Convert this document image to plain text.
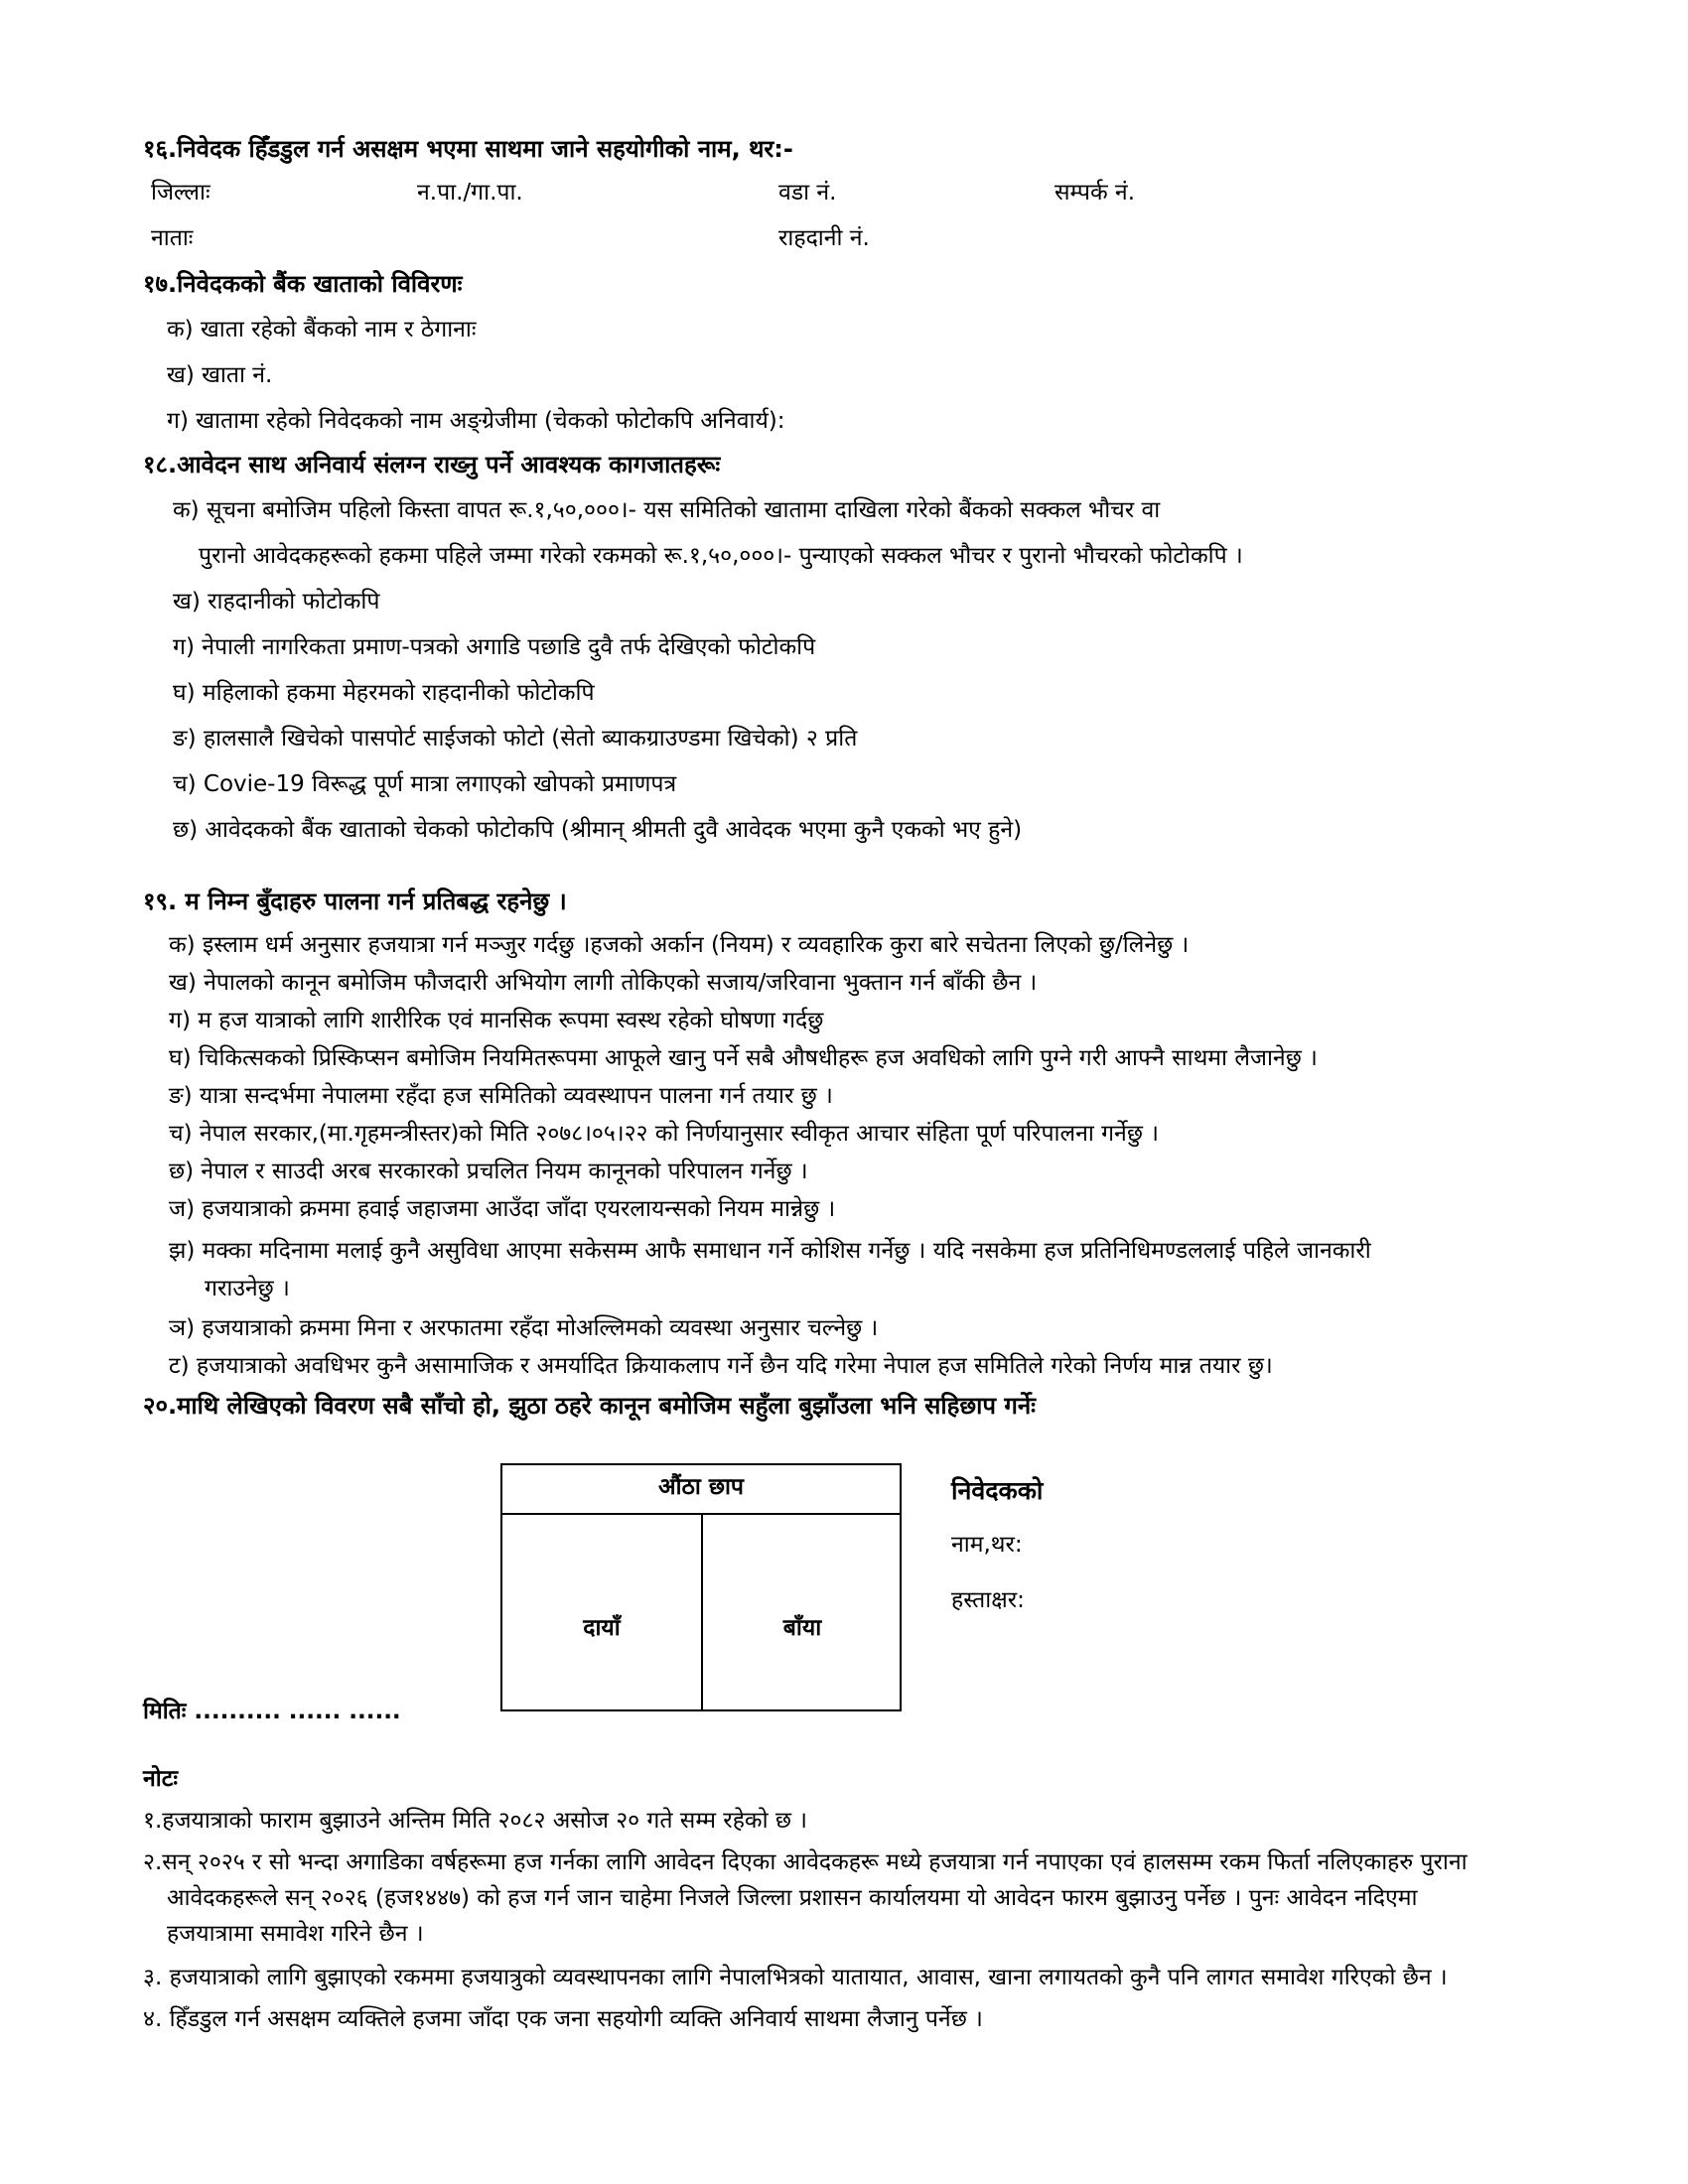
१६.निवेदक हिँडडुल गर्न असक्षम भएमा साथमा जाने सहयोगीको नाम, थर:-
जिल्लाः	न.पा./गा.पा.	वडा नं.	सम्पर्क नं.
नाताः	राहदानी नं.
१७.निवेदकको बैंक खाताको विविरणः
क) खाता रहेको बैंकको नाम र ठेगानाः
ख) खाता नं.
ग) खातामा रहेको निवेदकको नाम अङ्ग्रेजीमा (चेकको फोटोकपि अनिवार्य):
१८.आवेदन साथ अनिवार्य संलग्न राख्नु पर्ने आवश्यक कागजातहरूः
क) सूचना बमोजिम पहिलो किस्ता वापत रू.१,५०,०००।- यस समितिको खातामा दाखिला गरेको बैंकको सक्कल भौचर वा
पुरानो आवेदकहरूको हकमा पहिले जम्मा गरेको रकमको रू.१,५०,०००।- पुन्याएको सक्कल भौचर र पुरानो भौचरको फोटोकपि ।
ख) राहदानीको फोटोकपि
ग) नेपाली नागरिकता प्रमाण-पत्रको अगाडि पछाडि दुवै तर्फ देखिएको फोटोकपि
घ) महिलाको हकमा मेहरमको राहदानीको फोटोकपि
ङ) हालसालै खिचेको पासपोर्ट साईजको फोटो (सेतो ब्याकग्राउण्डमा खिचेको) २ प्रति
च) Covie-19 विरूद्ध पूर्ण मात्रा लगाएको खोपको प्रमाणपत्र
छ) आवेदकको बैंक खाताको चेकको फोटोकपि (श्रीमान् श्रीमती दुवै आवेदक भएमा कुनै एकको भए हुने)
१९. म निम्न बुँदाहरु पालना गर्न प्रतिबद्ध रहनेछु ।
क) इस्लाम धर्म अनुसार हजयात्रा गर्न मञ्जुर गर्दछु ।हजको अर्कान (नियम) र व्यवहारिक कुरा बारे सचेतना लिएको छु/लिनेछु ।
ख) नेपालको कानून बमोजिम फौजदारी अभियोग लागी तोकिएको सजाय/जरिवाना भुक्तान गर्न बाँकी छैन ।
ग) म हज यात्राको लागि शारीरिक एवं मानसिक रूपमा स्वस्थ रहेको घोषणा गर्दछु
घ) चिकित्सकको प्रिस्किप्सन बमोजिम नियमितरूपमा आफूले खानु पर्ने सबै औषधीहरू हज अवधिको लागि पुग्ने गरी आफ्नै साथमा लैजानेछु ।
ङ) यात्रा सन्दर्भमा नेपालमा रहँदा हज समितिको व्यवस्थापन पालना गर्न तयार छु ।
च) नेपाल सरकार,(मा.गृहमन्त्रीस्तर)को मिति २०७८।०५।२२ को निर्णयानुसार स्वीकृत आचार संहिता पूर्ण परिपालना गर्नेछु ।
छ) नेपाल र साउदी अरब सरकारको प्रचलित नियम कानूनको परिपालन गर्नेछु ।
ज) हजयात्राको क्रममा हवाई जहाजमा आउँदा जाँदा एयरलायन्सको नियम मान्नेछु ।
झ) मक्का मदिनामा मलाई कुनै असुविधा आएमा सकेसम्म आफै समाधान गर्ने कोशिस गर्नेछु । यदि नसकेमा हज प्रतिनिधिमण्डललाई पहिले जानकारी
गराउनेछु ।
ञ) हजयात्राको क्रममा मिना र अरफातमा रहँदा मोअल्लिमको व्यवस्था अनुसार चल्नेछु ।
ट) हजयात्राको अवधिभर कुनै असामाजिक र अमर्यादित क्रियाकलाप गर्ने छैन यदि गरेमा नेपाल हज समितिले गरेको निर्णय मान्न तयार छु।
२०.माथि लेखिएको विवरण सबै साँचो हो, झुठा ठहरे कानून बमोजिम सहुँला बुझाँउला भनि सहिछाप गर्नेः
औंठा छाप
दायाँ	बाँया
निवेदकको
नाम,थर:
हस्ताक्षर:
मितिः .......... ...... ......
नोटः
१.हजयात्राको फाराम बुझाउने अन्तिम मिति २०८२ असोज २० गते सम्म रहेको छ ।
२.सन् २०२५ र सो भन्दा अगाडिका वर्षहरूमा हज गर्नका लागि आवेदन दिएका आवेदकहरू मध्ये हजयात्रा गर्न नपाएका एवं हालसम्म रकम फिर्ता नलिएकाहरु पुराना
आवेदकहरूले सन् २०२६ (हज१४४७) को हज गर्न जान चाहेमा निजले जिल्ला प्रशासन कार्यालयमा यो आवेदन फारम बुझाउनु पर्नेछ । पुनः आवेदन नदिएमा
हजयात्रामा समावेश गरिने छैन ।
३. हजयात्राको लागि बुझाएको रकममा हजयात्रुको व्यवस्थापनका लागि नेपालभित्रको यातायात, आवास, खाना लगायतको कुनै पनि लागत समावेश गरिएको छैन ।
४. हिँडडुल गर्न असक्षम व्यक्तिले हजमा जाँदा एक जना सहयोगी व्यक्ति अनिवार्य साथमा लैजानु पर्नेछ ।
